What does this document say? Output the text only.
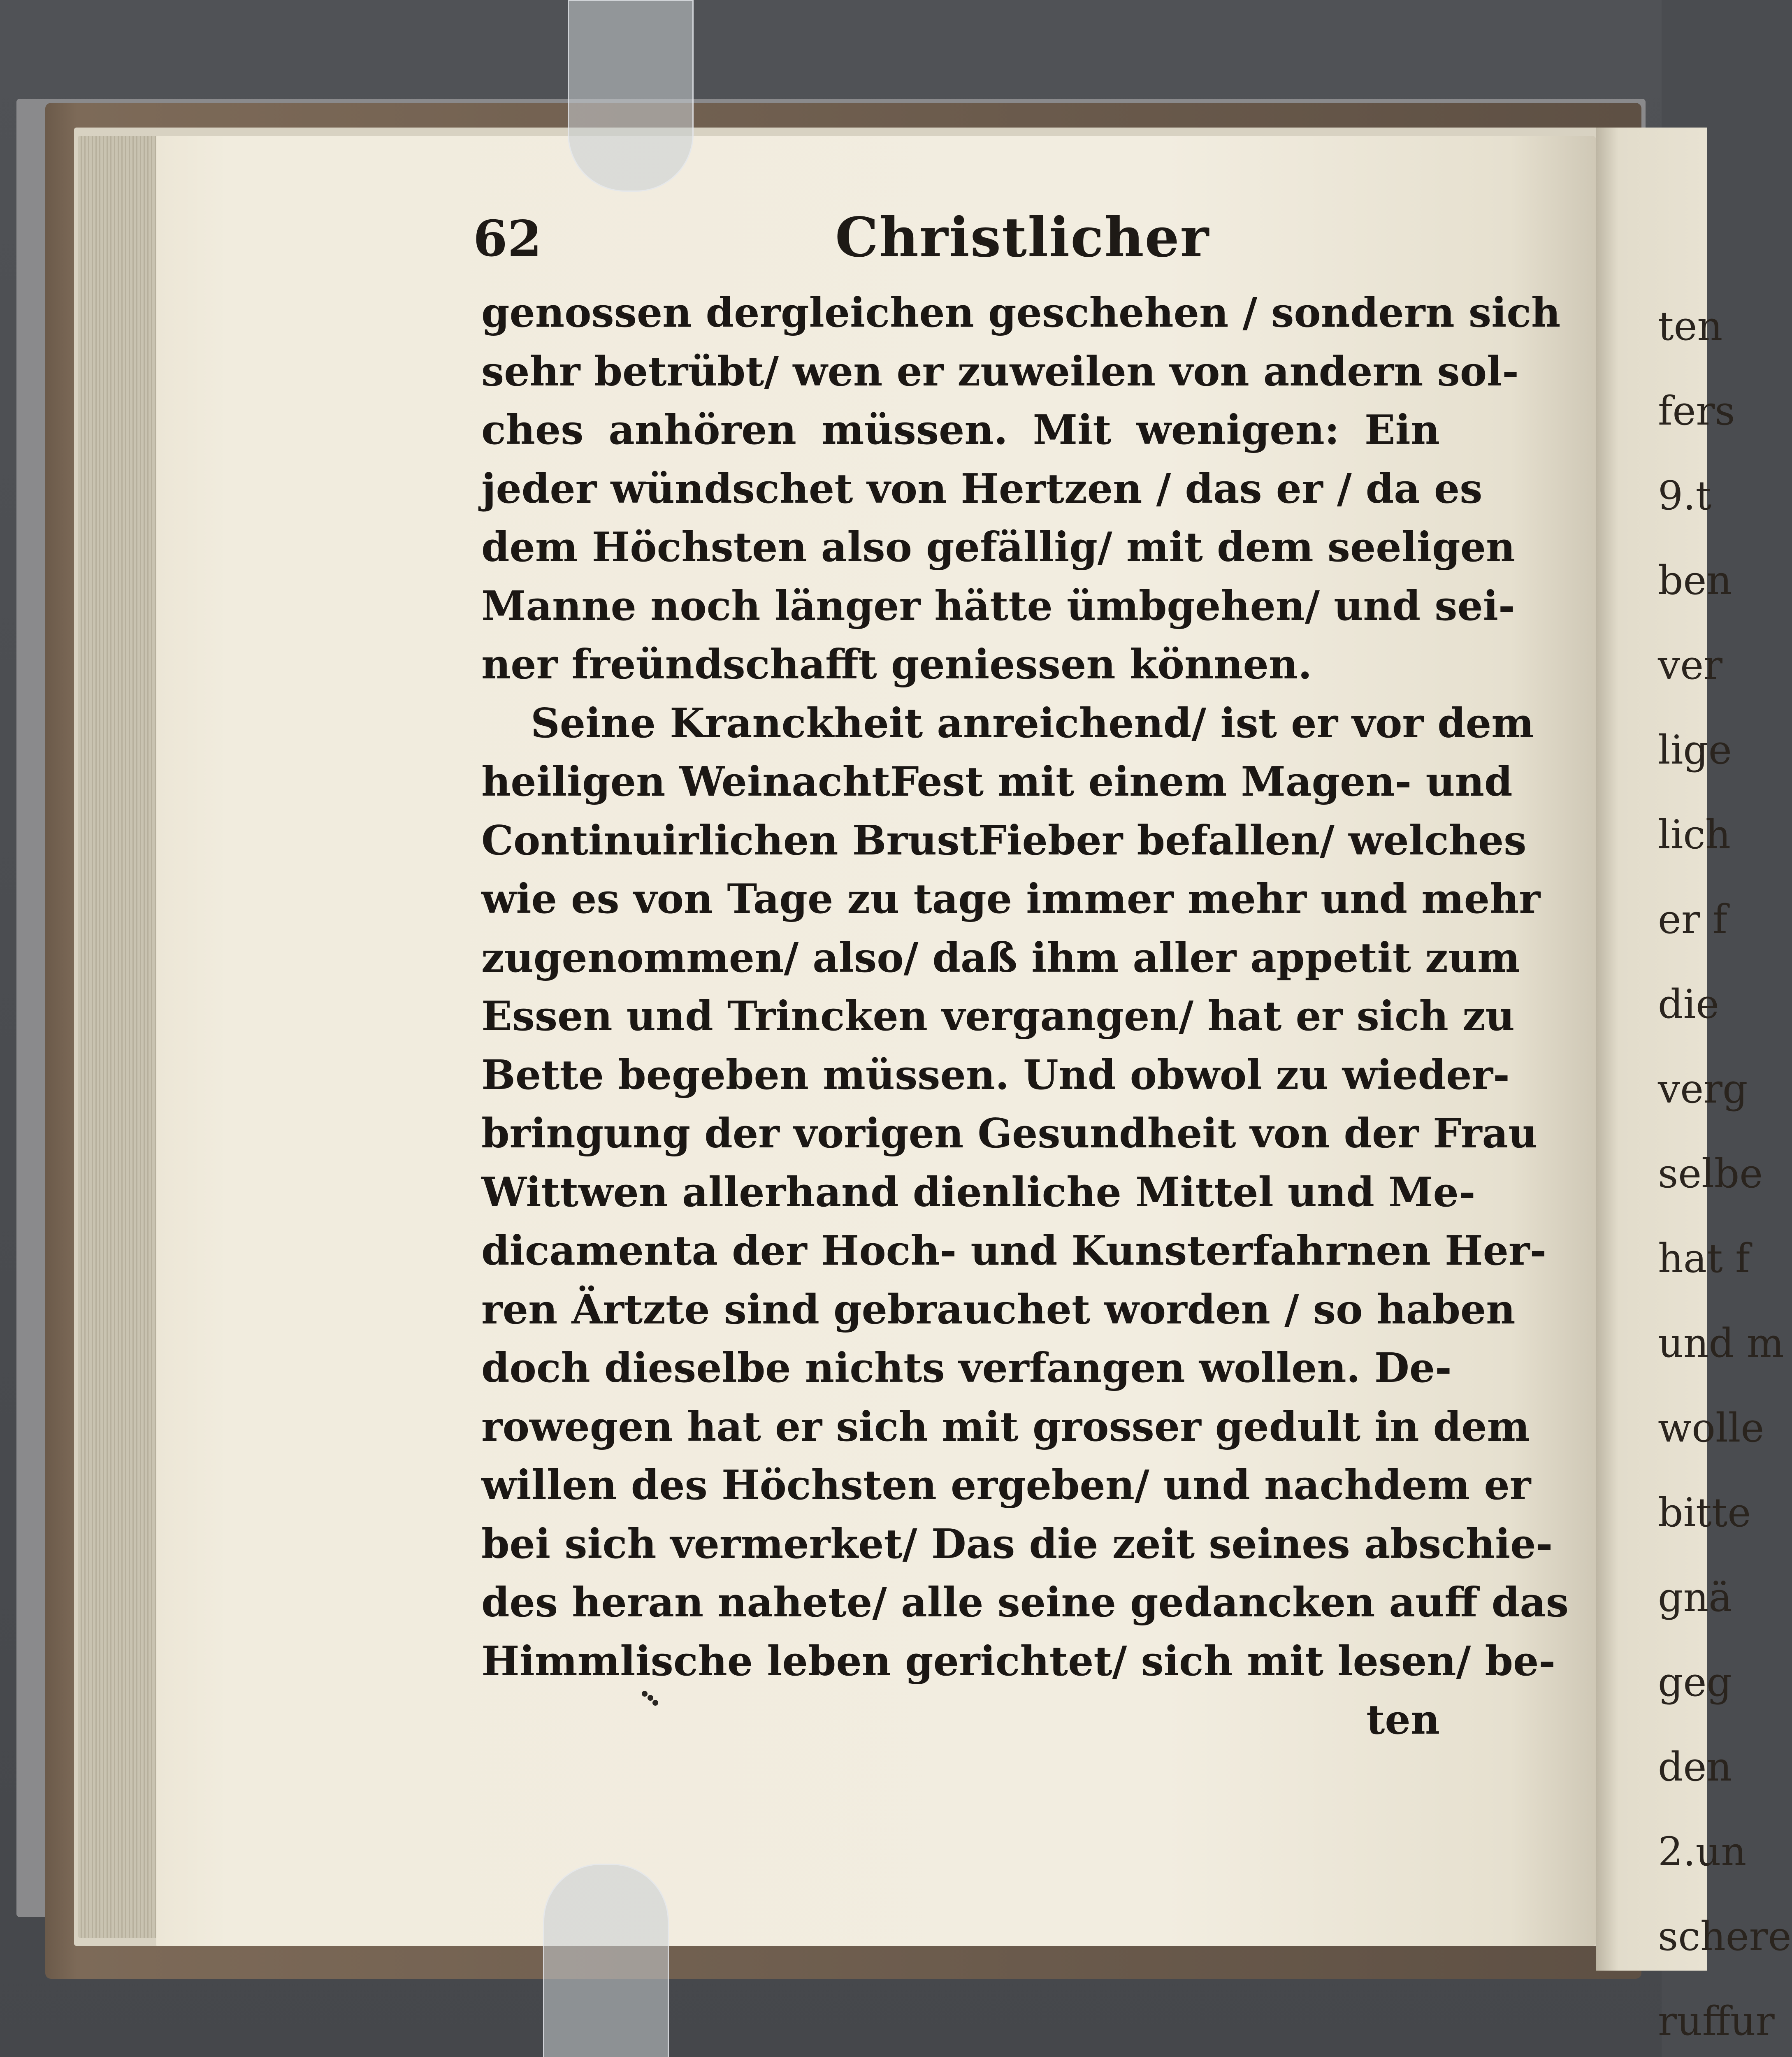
ten
fers
9.t
ben
ver
lige
lich
er f
die
verg
selbe
hat f
und m
wolle
bitte
gnä
geg
den
2.un
schere
ruffur
62	Christlicher
genossen dergleichen geschehen / sondern sich
sehr betrübt/ wen er zuweilen von andern sol-
ches anhören müssen. Mit wenigen: Ein
jeder wündschet von Hertzen / das er / da es
dem Höchsten also gefällig/ mit dem seeligen
Manne noch länger hätte ümbgehen/ und sei-
ner freündschafft geniessen können.
Seine Kranckheit anreichend/ ist er vor dem
heiligen WeinachtFest mit einem Magen- und
Continuirlichen BrustFieber befallen/ welches
wie es von Tage zu tage immer mehr und mehr
zugenommen/ also/ daß ihm aller appetit zum
Essen und Trincken vergangen/ hat er sich zu
Bette begeben müssen. Und obwol zu wieder-
bringung der vorigen Gesundheit von der Frau
Wittwen allerhand dienliche Mittel und Me-
dicamenta der Hoch- und Kunsterfahrnen Her-
ren Ärtzte sind gebrauchet worden / so haben
doch dieselbe nichts verfangen wollen. De-
rowegen hat er sich mit grosser gedult in dem
willen des Höchsten ergeben/ und nachdem er
bei sich vermerket/ Das die zeit seines abschie-
des heran nahete/ alle seine gedancken auff das
Himmlische leben gerichtet/ sich mit lesen/ be-
ten
